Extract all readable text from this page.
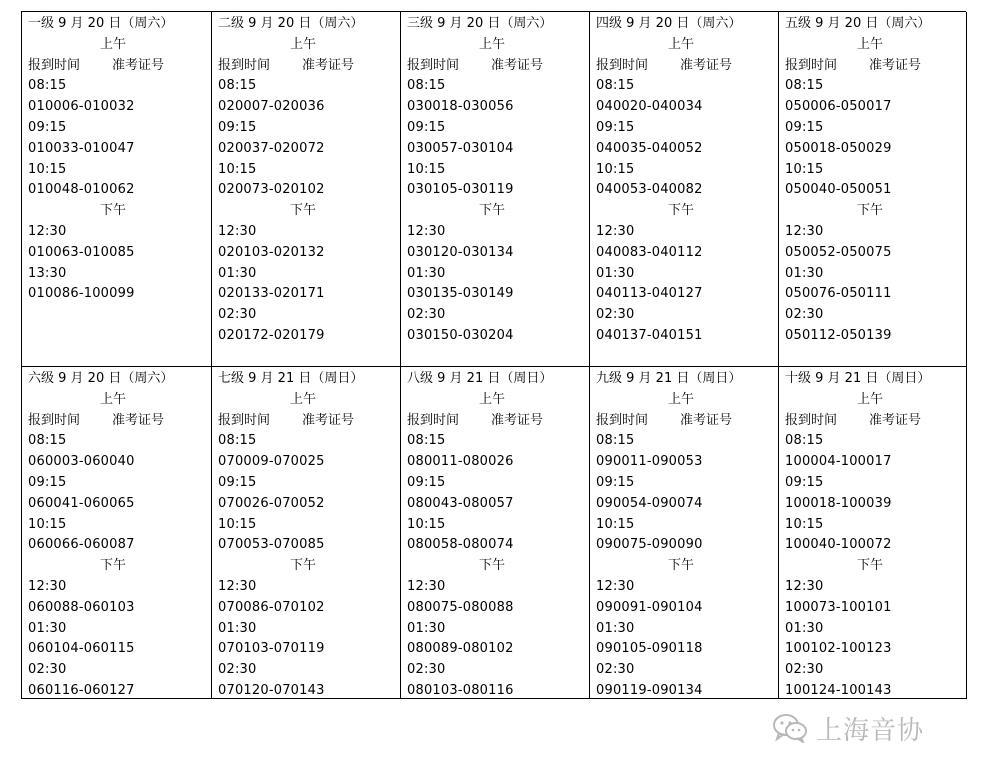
一级 9 月 20 日（周六）
上午
报到时间 准考证号
08:15
010006-010032
09:15
010033-010047
10:15
010048-010062
下午
12:30
010063-010085
13:30
010086-100099
二级 9 月 20 日（周六）
上午
报到时间 准考证号
08:15
020007-020036
09:15
020037-020072
10:15
020073-020102
下午
12:30
020103-020132
01:30
020133-020171
02:30
020172-020179
三级 9 月 20 日（周六）
上午
报到时间 准考证号
08:15
030018-030056
09:15
030057-030104
10:15
030105-030119
下午
12:30
030120-030134
01:30
030135-030149
02:30
030150-030204
四级 9 月 20 日（周六）
上午
报到时间 准考证号
08:15
040020-040034
09:15
040035-040052
10:15
040053-040082
下午
12:30
040083-040112
01:30
040113-040127
02:30
040137-040151
五级 9 月 20 日（周六）
上午
报到时间 准考证号
08:15
050006-050017
09:15
050018-050029
10:15
050040-050051
下午
12:30
050052-050075
01:30
050076-050111
02:30
050112-050139
六级 9 月 20 日（周六）
上午
报到时间 准考证号
08:15
060003-060040
09:15
060041-060065
10:15
060066-060087
下午
12:30
060088-060103
01:30
060104-060115
02:30
060116-060127
七级 9 月 21 日（周日）
上午
报到时间 准考证号
08:15
070009-070025
09:15
070026-070052
10:15
070053-070085
下午
12:30
070086-070102
01:30
070103-070119
02:30
070120-070143
八级 9 月 21 日（周日）
上午
报到时间 准考证号
08:15
080011-080026
09:15
080043-080057
10:15
080058-080074
下午
12:30
080075-080088
01:30
080089-080102
02:30
080103-080116
九级 9 月 21 日（周日）
上午
报到时间 准考证号
08:15
090011-090053
09:15
090054-090074
10:15
090075-090090
下午
12:30
090091-090104
01:30
090105-090118
02:30
090119-090134
十级 9 月 21 日（周日）
上午
报到时间 准考证号
08:15
100004-100017
09:15
100018-100039
10:15
100040-100072
下午
12:30
100073-100101
01:30
100102-100123
02:30
100124-100143
上海音协
